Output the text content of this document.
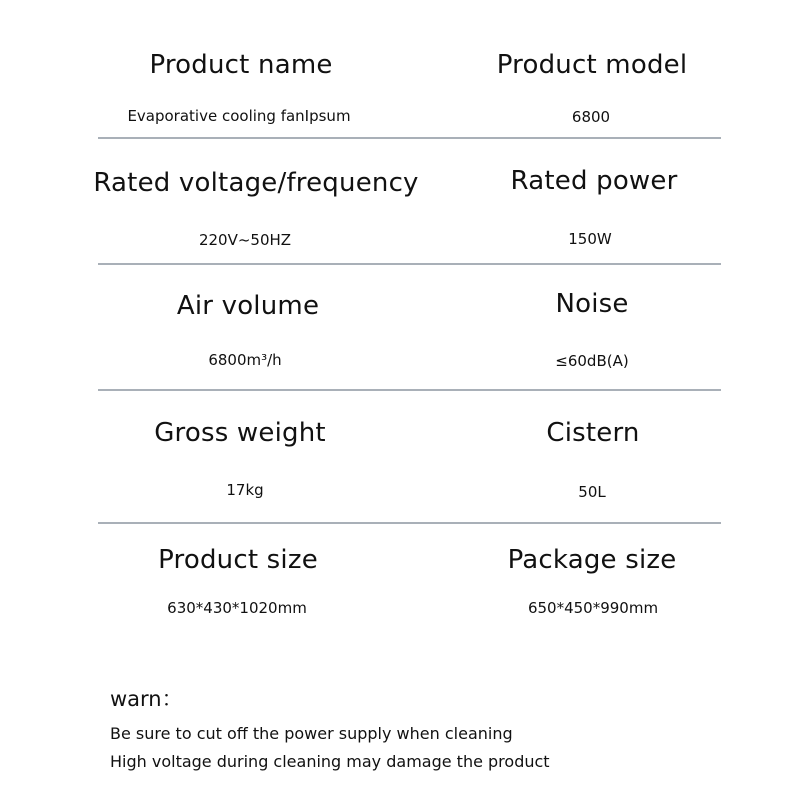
Product name	Product model
Evaporative cooling fanIpsum	6800
Rated voltage/frequency	Rated power
220V~50HZ	150W
Air volume	Noise
6800m³/h	≤60dB(A)
Gross weight	Cistern
17kg	50L
Product size	Package size
630*430*1020mm	650*450*990mm
warn：
Be sure to cut off the power supply when cleaning
High voltage during cleaning may damage the product
